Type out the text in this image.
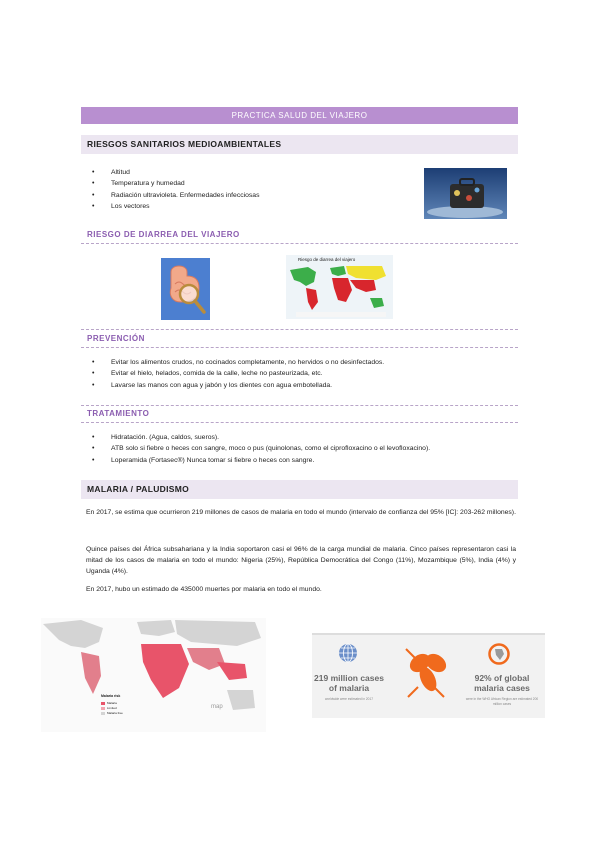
PRACTICA SALUD DEL VIAJERO
RIESGOS SANITARIOS MEDIOAMBIENTALES
• Altitud
• Temperatura y humedad
• Radiación ultravioleta. Enfermedades infecciosas
• Los vectores
RIESGO DE DIARREA DEL VIAJERO
Riesgo de diarrea del viajero
PREVENCIÓN
• Evitar los alimentos crudos, no cocinados completamente, no hervidos o no desinfectados.
• Evitar el hielo, helados, comida de la calle, leche no pasteurizada, etc.
• Lavarse las manos con agua y jabón y los dientes con agua embotellada.
TRATAMIENTO
• Hidratación. (Agua, caldos, sueros).
• ATB solo si fiebre o heces con sangre, moco o pus (quinolonas, como el ciprofloxacino o el levofloxacino).
• Loperamida (Fortasec®) Nunca tomar si fiebre o heces con sangre.
MALARIA / PALUDISMO
En 2017, se estima que ocurrieron 219 millones de casos de malaria en todo el mundo (intervalo de confianza del 95% [IC]: 203-262 millones).
Quince países del África subsahariana y la India soportaron casi el 96% de la carga mundial de malaria. Cinco países representaron casi la mitad de los casos de malaria en todo el mundo: Nigeria (25%), República Democrática del Congo (11%), Mozambique (5%), India (4%) y Uganda (4%).
En 2017, hubo un estimado de 435000 muertes por malaria en todo el mundo.
Malaria risk
Malaria
Limited
Malaria free
map
219 million cases
of malaria
worldwide were estimated in 2017
92% of global
malaria cases
were in the WHO African Region are estimated 200 million cases
